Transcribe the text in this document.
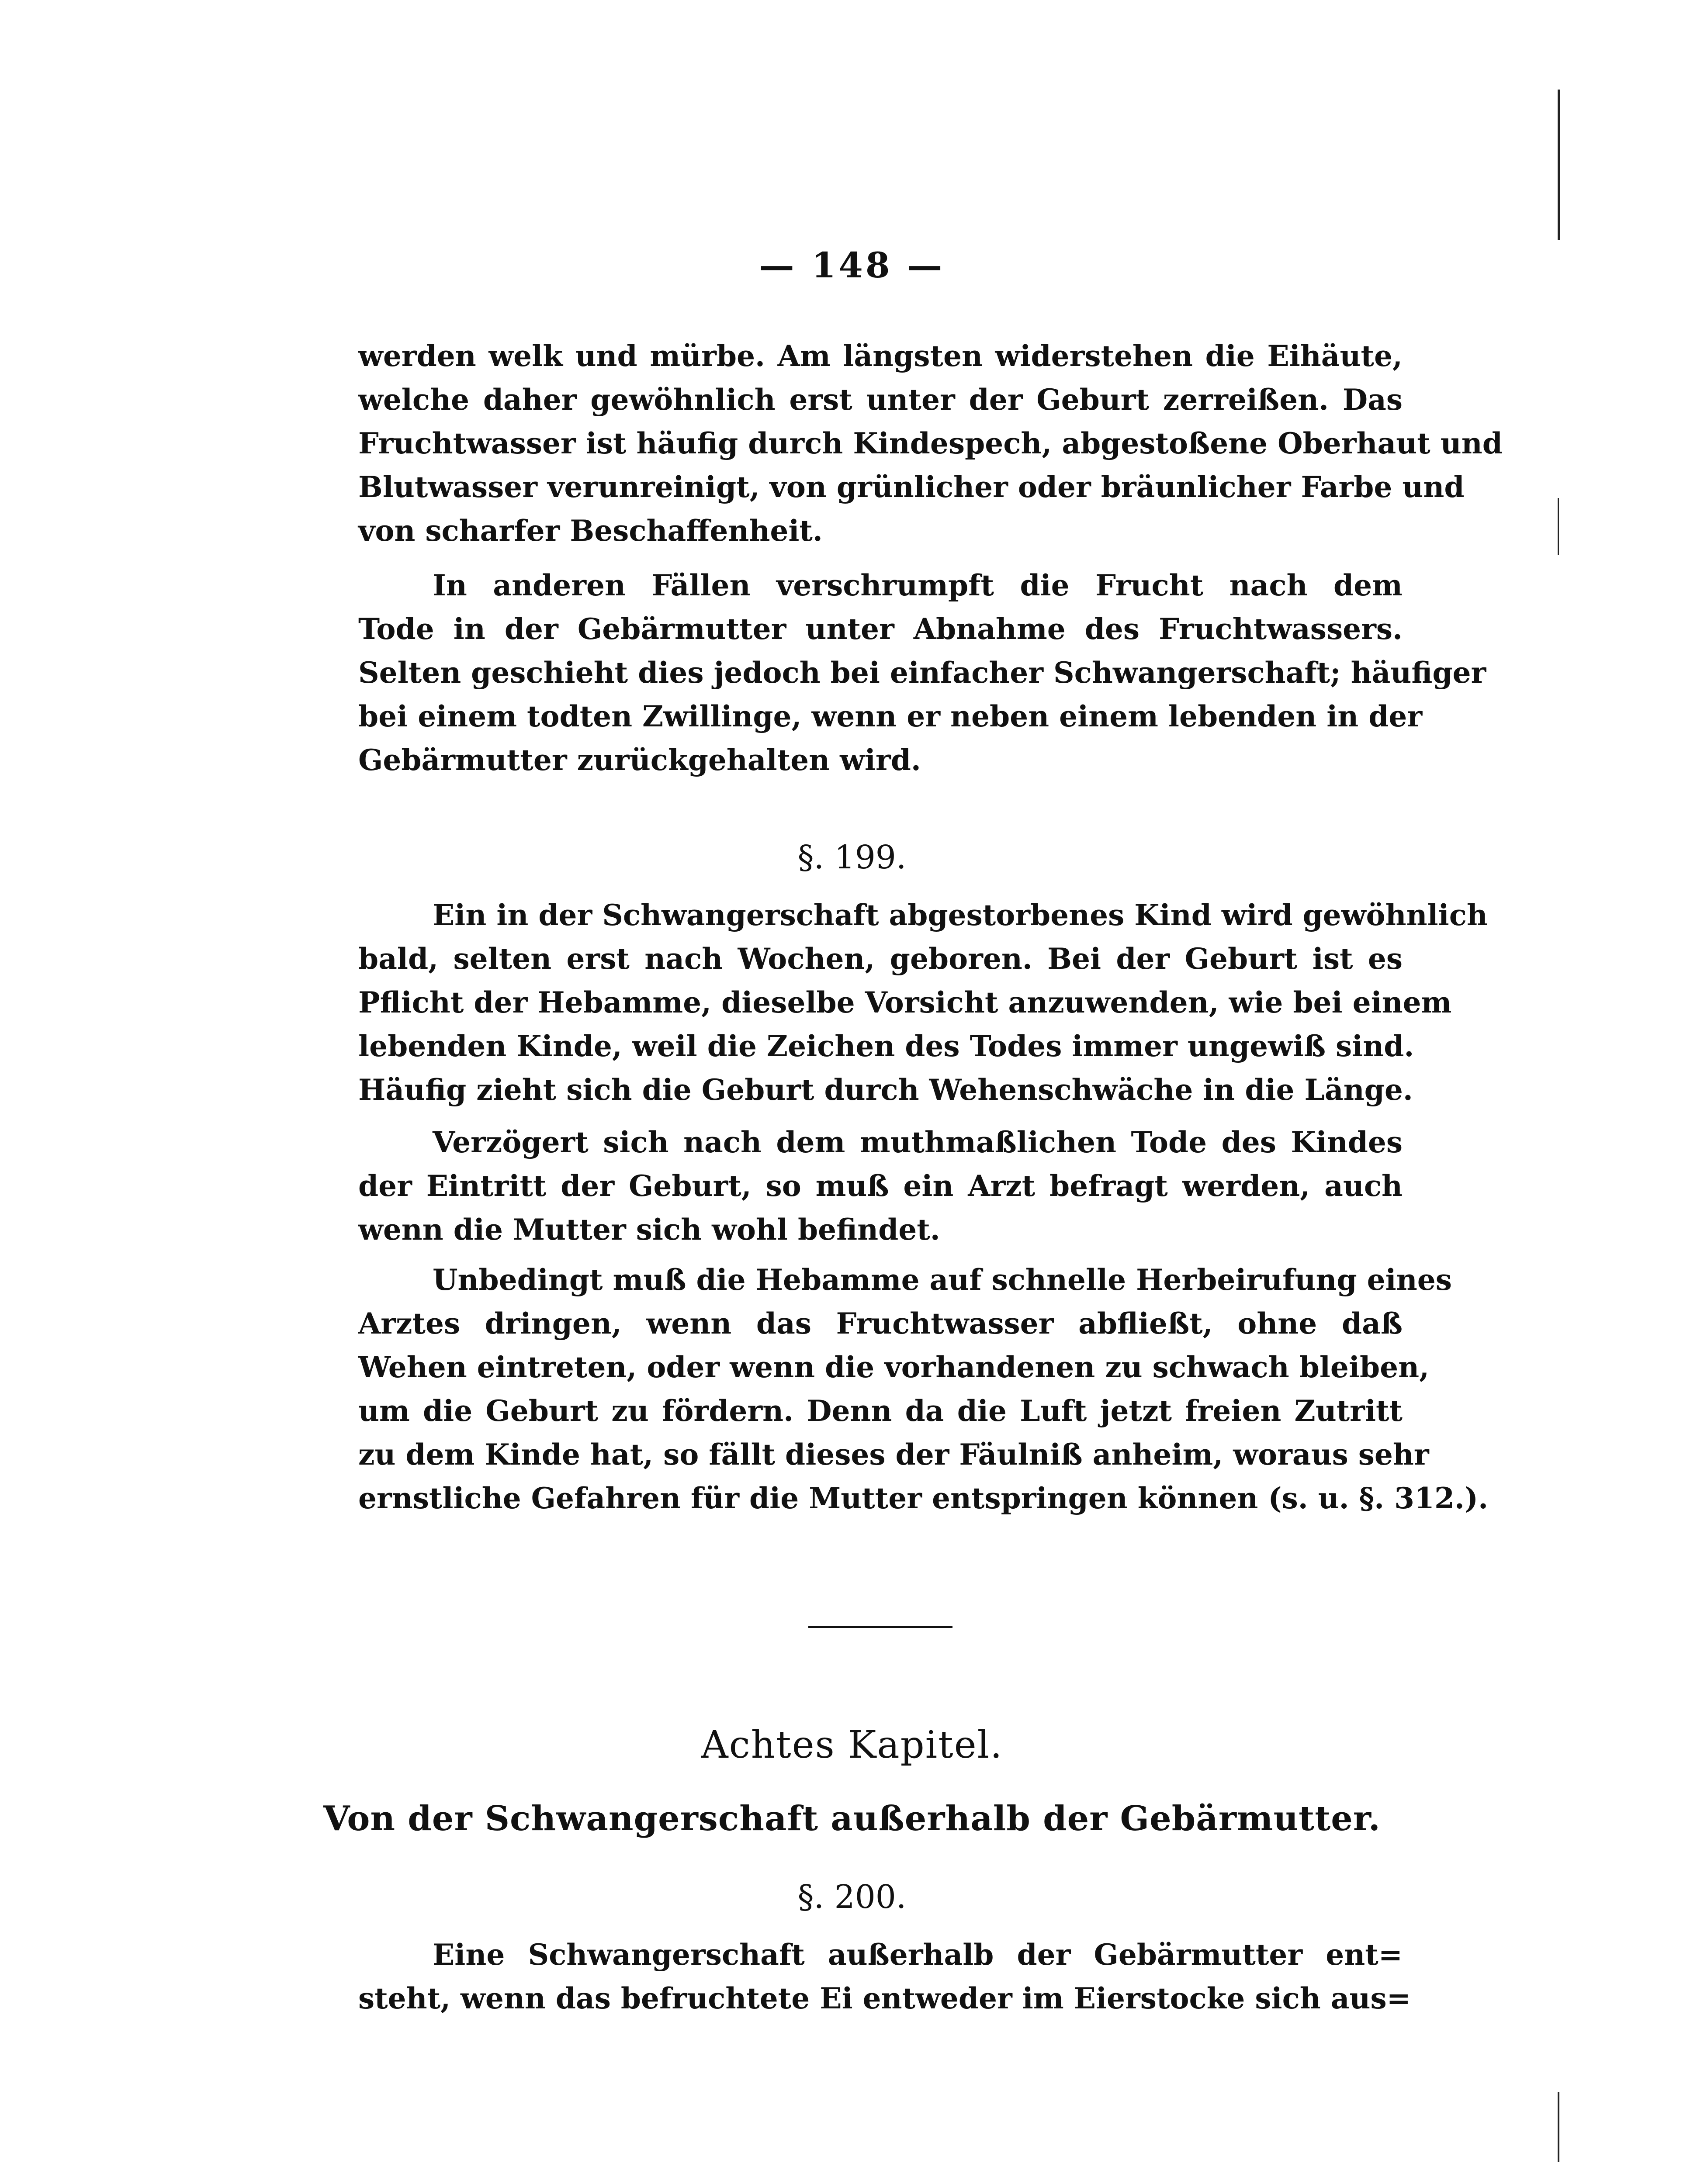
— 148 —
werden welk und mürbe. Am längsten widerstehen die Eihäute,
welche daher gewöhnlich erst unter der Geburt zerreißen. Das
Fruchtwasser ist häufig durch Kindespech, abgestoßene Oberhaut und
Blutwasser verunreinigt, von grünlicher oder bräunlicher Farbe und
von scharfer Beschaffenheit.
In anderen Fällen verschrumpft die Frucht nach dem
Tode in der Gebärmutter unter Abnahme des Fruchtwassers.
Selten geschieht dies jedoch bei einfacher Schwangerschaft; häufiger
bei einem todten Zwillinge, wenn er neben einem lebenden in der
Gebärmutter zurückgehalten wird.
§. 199.
Ein in der Schwangerschaft abgestorbenes Kind wird gewöhnlich
bald, selten erst nach Wochen, geboren. Bei der Geburt ist es
Pflicht der Hebamme, dieselbe Vorsicht anzuwenden, wie bei einem
lebenden Kinde, weil die Zeichen des Todes immer ungewiß sind.
Häufig zieht sich die Geburt durch Wehenschwäche in die Länge.
Verzögert sich nach dem muthmaßlichen Tode des Kindes
der Eintritt der Geburt, so muß ein Arzt befragt werden, auch
wenn die Mutter sich wohl befindet.
Unbedingt muß die Hebamme auf schnelle Herbeirufung eines
Arztes dringen, wenn das Fruchtwasser abfließt, ohne daß
Wehen eintreten, oder wenn die vorhandenen zu schwach bleiben,
um die Geburt zu fördern. Denn da die Luft jetzt freien Zutritt
zu dem Kinde hat, so fällt dieses der Fäulniß anheim, woraus sehr
ernstliche Gefahren für die Mutter entspringen können (s. u. §. 312.).
Achtes Kapitel.
Von der Schwangerschaft außerhalb der Gebärmutter.
§. 200.
Eine Schwangerschaft außerhalb der Gebärmutter ent=
steht, wenn das befruchtete Ei entweder im Eierstocke sich aus=
